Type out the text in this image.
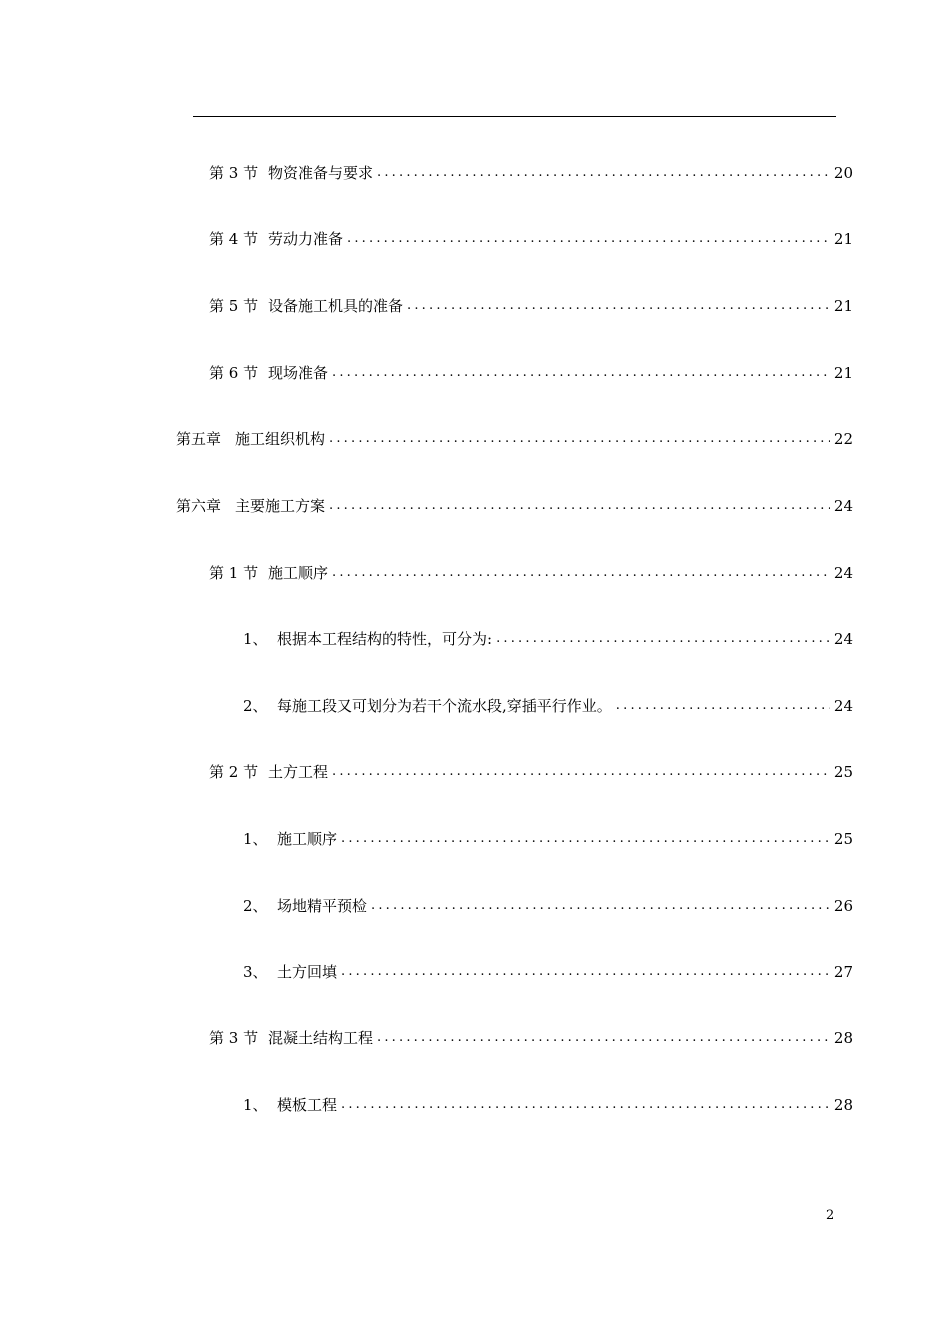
第 3 节 物资准备与要求 .....	20
第 4 节 劳动力准备 .....	21
第 5 节 设备施工机具的准备 .....	21
第 6 节 现场准备 .....	21
第五章 施工组织机构 .....	22
第六章 主要施工方案 .....	24
第 1 节 施工顺序 .....	24
1、 根据本工程结构的特性，可分为: .....	24
2、 每施工段又可划分为若干个流水段,穿插平行作业。 .....	24
第 2 节 土方工程 .....	25
1、 施工顺序 .....	25
2、 场地精平预检 .....	26
3、 土方回填 .....	27
第 3 节 混凝土结构工程 .....	28
1、 模板工程 .....	28
2
